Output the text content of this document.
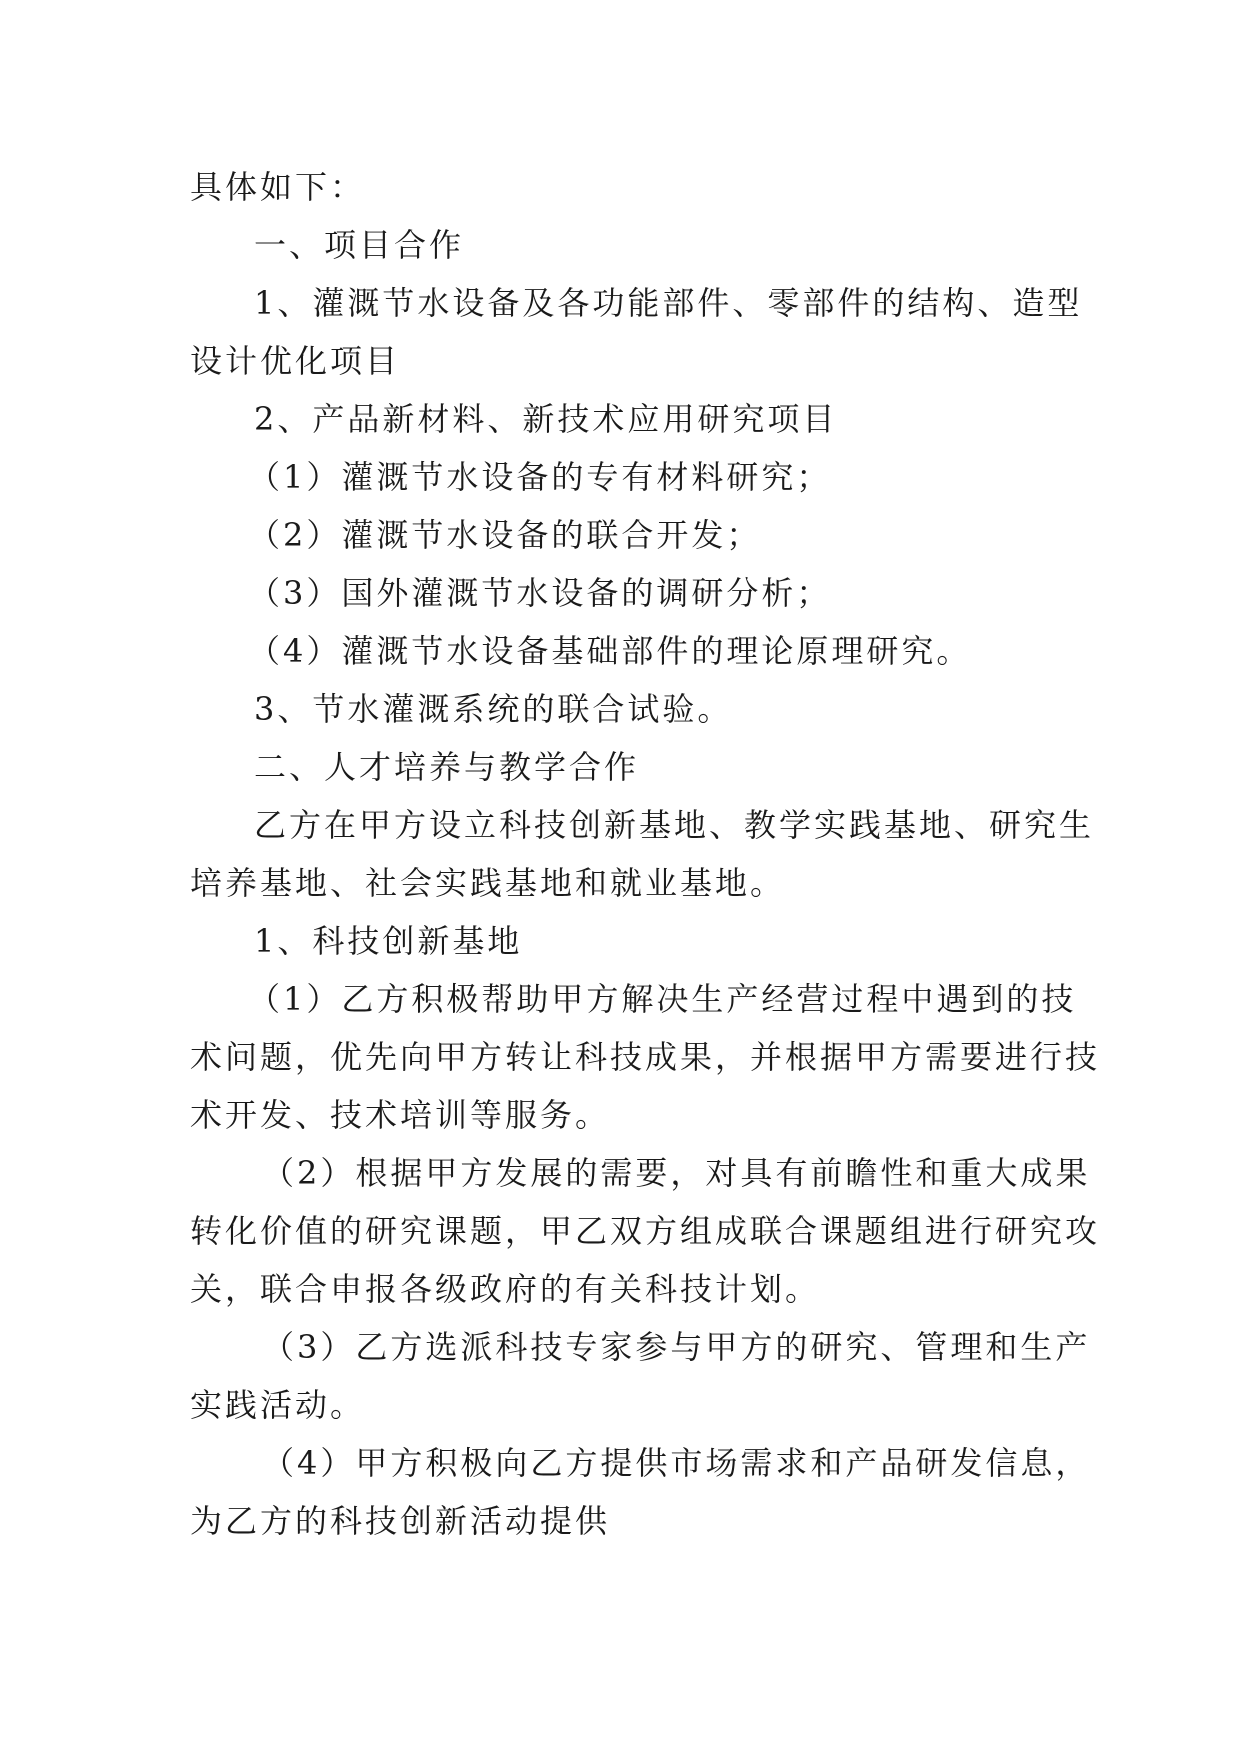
具体如下：
一、项目合作
1、灌溉节水设备及各功能部件、零部件的结构、造型
设计优化项目
2、产品新材料、新技术应用研究项目
（1）灌溉节水设备的专有材料研究；
（2）灌溉节水设备的联合开发；
（3）国外灌溉节水设备的调研分析；
（4）灌溉节水设备基础部件的理论原理研究。
3、节水灌溉系统的联合试验。
二、人才培养与教学合作
乙方在甲方设立科技创新基地、教学实践基地、研究生
培养基地、社会实践基地和就业基地。
1、科技创新基地
（1）乙方积极帮助甲方解决生产经营过程中遇到的技
术问题，优先向甲方转让科技成果，并根据甲方需要进行技
术开发、技术培训等服务。
（2）根据甲方发展的需要，对具有前瞻性和重大成果
转化价值的研究课题，甲乙双方组成联合课题组进行研究攻
关，联合申报各级政府的有关科技计划。
（3）乙方选派科技专家参与甲方的研究、管理和生产
实践活动。
（4）甲方积极向乙方提供市场需求和产品研发信息，
为乙方的科技创新活动提供
